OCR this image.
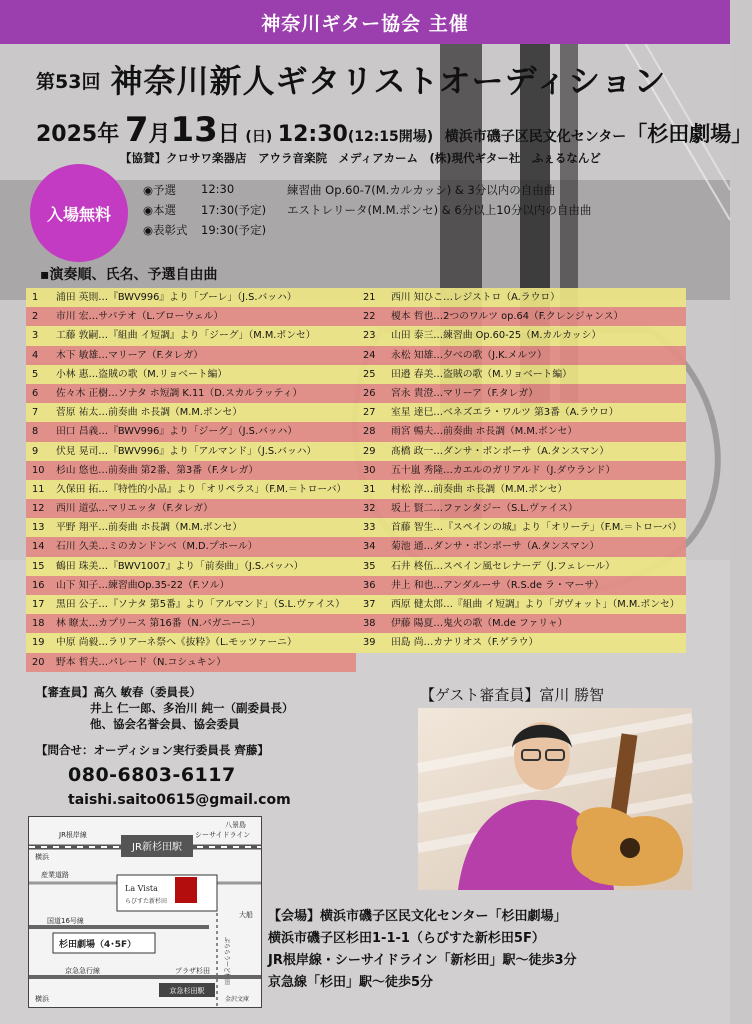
神奈川ギター協会 主催
第53回 神奈川新人ギタリストオーディション
2025年 7月13日 (日) 12:30(12:15開場) 横浜市磯子区民文化センター「杉田劇場」
【協賛】クロサワ楽器店　アウラ音楽院　メディアカーム　(株)現代ギター社　ふぇるなんど
入場無料
◉予選 12:30	練習曲 Op.60-7(M.カルカッシ) & 3分以内の自由曲
◉本選 17:30(予定) エストレリータ(M.M.ポンセ) & 6分以上10分以内の自由曲
◉表彰式 19:30(予定)
▪演奏順、氏名、予選自由曲
1	浦田 英則…『BWV996』より「ブーレ」（J.S.バッハ）
2	市川 宏…サパテオ（L.ブローウェル）
3	工藤 敦嗣…『組曲 イ短調』より「ジーグ」（M.M.ポンセ）
4	木下 敏雄…マリーア（F.タレガ）
5	小林 惠…盗賊の歌（M.リョベート編）
6	佐々木 正樹…ソナタ ホ短調 K.11（D.スカルラッティ）
7	菅原 祐太…前奏曲 ホ長調（M.M.ポンセ）
8	田口 昌義…『BWV996』より「ジーグ」（J.S.バッハ）
9	伏見 晃司…『BWV996』より「アルマンド」（J.S.バッハ）
10	杉山 悠也…前奏曲 第2番、第3番（F.タレガ）
11	久保田 拓…『特性的小品』より「オリペラス」（F.M.＝トローバ）
12	西川 道弘…マリエッタ（F.タレガ）
13	平野 翔平…前奏曲 ホ長調（M.M.ポンセ）
14	石川 久美…ミのカンドンベ（M.D.プホール）
15	鶴田 珠美…『BWV1007』より「前奏曲」（J.S.バッハ）
16	山下 知子…練習曲Op.35-22（F.ソル）
17	黒田 公子…『ソナタ 第5番』より「アルマンド」（S.L.ヴァイス）
18	林 瞭太…カプリース 第16番（N.パガニーニ）
19	中原 尚毅…ラリアーネ祭へ《抜粋》（L.モッツァーニ）
20	野本 哲夫…パレード（N.コシュキン）
21	西川 知ひこ…レジストロ（A.ラウロ）
22	榎本 哲也…2つのワルツ op.64（F.クレンジャンス）
23	山田 泰三…練習曲 Op.60-25（M.カルカッシ）
24	永松 知雄…夕べの歌（J.K.メルツ）
25	田邉 春美…盗賊の歌（M.リョベート編）
26	宮永 貴澄…マリーア（F.タレガ）
27	室星 達巳…ベネズエラ・ワルツ 第3番（A.ラウロ）
28	雨宮 暢夫…前奏曲 ホ長調（M.M.ポンセ）
29	髙橋 政一…ダンサ・ポンポーサ（A.タンスマン）
30	五十嵐 秀隆…カエルのガリアルド（J.ダウランド）
31	村松 淳…前奏曲 ホ長調（M.M.ポンセ）
32	坂上 賢二…ファンタジー（S.L.ヴァイス）
33	首藤 智生…『スペインの城』より「オリーテ」（F.M.＝トローバ）
34	菊池 通…ダンサ・ポンポーサ（A.タンスマン）
35	石井 柊伍…スペイン風セレナーデ（J.フェレール）
36	井上 和也…アンダルーサ（R.S.de ラ・マーサ）
37	西原 健太郎…『組曲 イ短調』より「ガヴォット」（M.M.ポンセ）
38	伊藤 陽夏…鬼火の歌（M.de ファリャ）
39	田島 尚…カナリオス（F.ゲラウ）
【審査員】髙久 敏春（委員長）
井上 仁一郎、多治川 純一（副委員長）
他、協会名誉会員、協会委員
【ゲスト審査員】富川 勝智
【問合せ：オーディション実行委員長 齊藤】
080-6803-6117
taishi.saito0615@gmail.com
JR新杉田駅
JR根岸線	シーサイドライン
八景島
横浜
産業道路
La Vista
らびすた新杉田
大船
国道16号線
杉田劇場（4･5F）	ぷららうーど杉田
京急急行線	プラザ杉田
京急杉田駅
横浜	金沢文庫
【会場】横浜市磯子区民文化センター「杉田劇場」
横浜市磯子区杉田1-1-1（らびすた新杉田5F）
JR根岸線・シーサイドライン「新杉田」駅〜徒歩3分
京急線「杉田」駅〜徒歩5分
